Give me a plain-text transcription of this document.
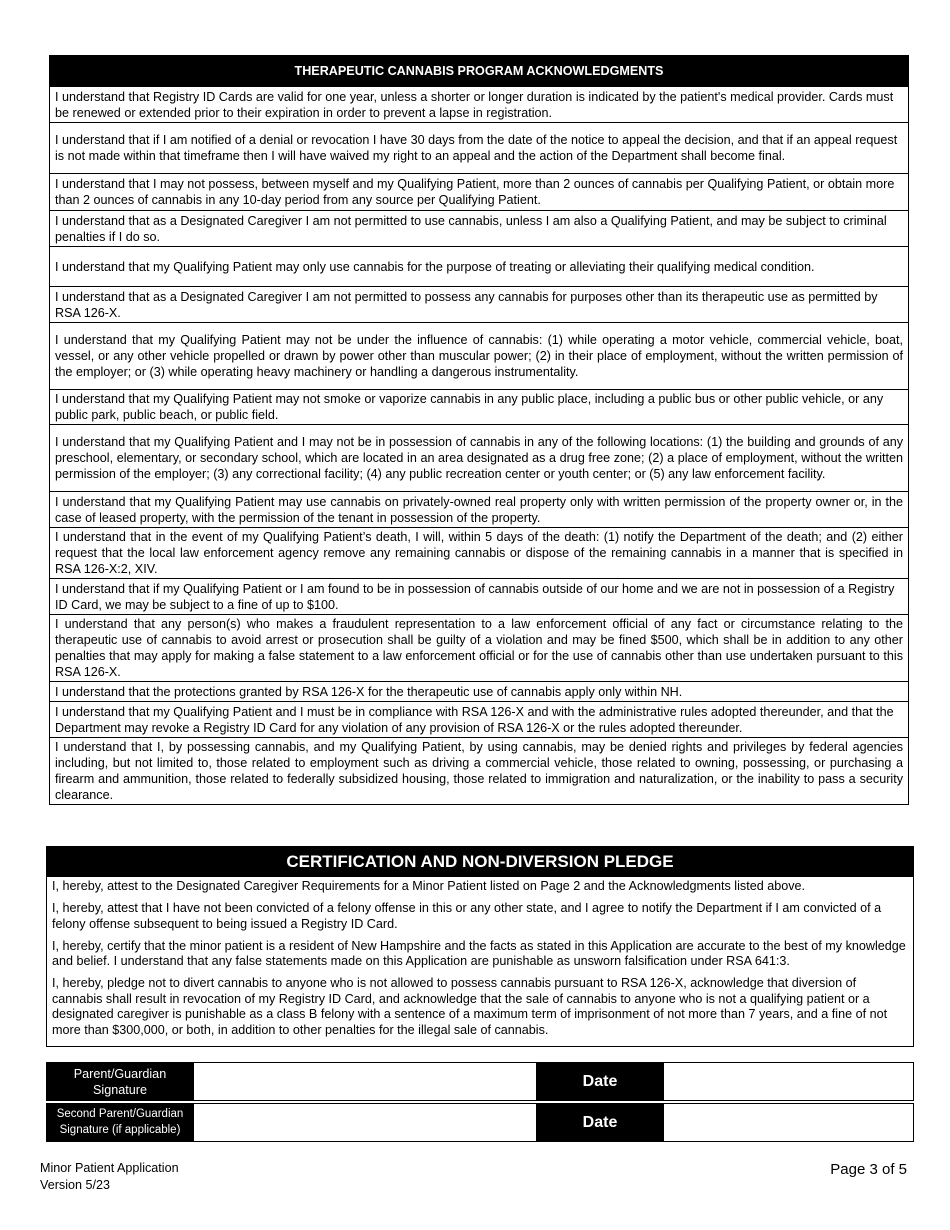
THERAPEUTIC CANNABIS PROGRAM ACKNOWLEDGMENTS
I understand that Registry ID Cards are valid for one year, unless a shorter or longer duration is indicated by the patient's medical provider. Cards must be renewed or extended prior to their expiration in order to prevent a lapse in registration.
I understand that if I am notified of a denial or revocation I have 30 days from the date of the notice to appeal the decision, and that if an appeal request is not made within that timeframe then I will have waived my right to an appeal and the action of the Department shall become final.
I understand that I may not possess, between myself and my Qualifying Patient, more than 2 ounces of cannabis per Qualifying Patient, or obtain more than 2 ounces of cannabis in any 10-day period from any source per Qualifying Patient.
I understand that as a Designated Caregiver I am not permitted to use cannabis, unless I am also a Qualifying Patient, and may be subject to criminal penalties if I do so.
I understand that my Qualifying Patient may only use cannabis for the purpose of treating or alleviating their qualifying medical condition.
I understand that as a Designated Caregiver I am not permitted to possess any cannabis for purposes other than its therapeutic use as permitted by RSA 126-X.
I understand that my Qualifying Patient may not be under the influence of cannabis: (1) while operating a motor vehicle, commercial vehicle, boat, vessel, or any other vehicle propelled or drawn by power other than muscular power; (2) in their place of employment, without the written permission of the employer; or (3) while operating heavy machinery or handling a dangerous instrumentality.
I understand that my Qualifying Patient may not smoke or vaporize cannabis in any public place, including a public bus or other public vehicle, or any public park, public beach, or public field.
I understand that my Qualifying Patient and I may not be in possession of cannabis in any of the following locations: (1) the building and grounds of any preschool, elementary, or secondary school, which are located in an area designated as a drug free zone; (2) a place of employment, without the written permission of the employer; (3) any correctional facility; (4) any public recreation center or youth center; or (5) any law enforcement facility.
I understand that my Qualifying Patient may use cannabis on privately-owned real property only with written permission of the property owner or, in the case of leased property, with the permission of the tenant in possession of the property.
I understand that in the event of my Qualifying Patient’s death, I will, within 5 days of the death: (1) notify the Department of the death; and (2) either request that the local law enforcement agency remove any remaining cannabis or dispose of the remaining cannabis in a manner that is specified in RSA 126-X:2, XIV.
I understand that if my Qualifying Patient or I am found to be in possession of cannabis outside of our home and we are not in possession of a Registry ID Card, we may be subject to a fine of up to $100.
I understand that any person(s) who makes a fraudulent representation to a law enforcement official of any fact or circumstance relating to the therapeutic use of cannabis to avoid arrest or prosecution shall be guilty of a violation and may be fined $500, which shall be in addition to any other penalties that may apply for making a false statement to a law enforcement official or for the use of cannabis other than use undertaken pursuant to this RSA 126-X.
I understand that the protections granted by RSA 126-X for the therapeutic use of cannabis apply only within NH.
I understand that my Qualifying Patient and I must be in compliance with RSA 126-X and with the administrative rules adopted thereunder, and that the Department may revoke a Registry ID Card for any violation of any provision of RSA 126-X or the rules adopted thereunder.
I understand that I, by possessing cannabis, and my Qualifying Patient, by using cannabis, may be denied rights and privileges by federal agencies including, but not limited to, those related to employment such as driving a commercial vehicle, those related to owning, possessing, or purchasing a firearm and ammunition, those related to federally subsidized housing, those related to immigration and naturalization, or the inability to pass a security clearance.
CERTIFICATION AND NON-DIVERSION PLEDGE

I, hereby, attest to the Designated Caregiver Requirements for a Minor Patient listed on Page 2 and the Acknowledgments listed above.

I, hereby, attest that I have not been convicted of a felony offense in this or any other state, and I agree to notify the Department if I am convicted of a felony offense subsequent to being issued a Registry ID Card.

I, hereby, certify that the minor patient is a resident of New Hampshire and the facts as stated in this Application are accurate to the best of my knowledge and belief. I understand that any false statements made on this Application are punishable as unsworn falsification under RSA 641:3.

I, hereby, pledge not to divert cannabis to anyone who is not allowed to possess cannabis pursuant to RSA 126-X, acknowledge that diversion of cannabis shall result in revocation of my Registry ID Card, and acknowledge that the sale of cannabis to anyone who is not a qualifying patient or a designated caregiver is punishable as a class B felony with a sentence of a maximum term of imprisonment of not more than 7 years, and a fine of not more than $300,000, or both, in addition to other penalties for the illegal sale of cannabis.

Parent/Guardian
Signature		Date	
Second Parent/Guardian
Signature (if applicable)		Date	
Minor Patient Application
Version 5/23
Page 3 of 5
